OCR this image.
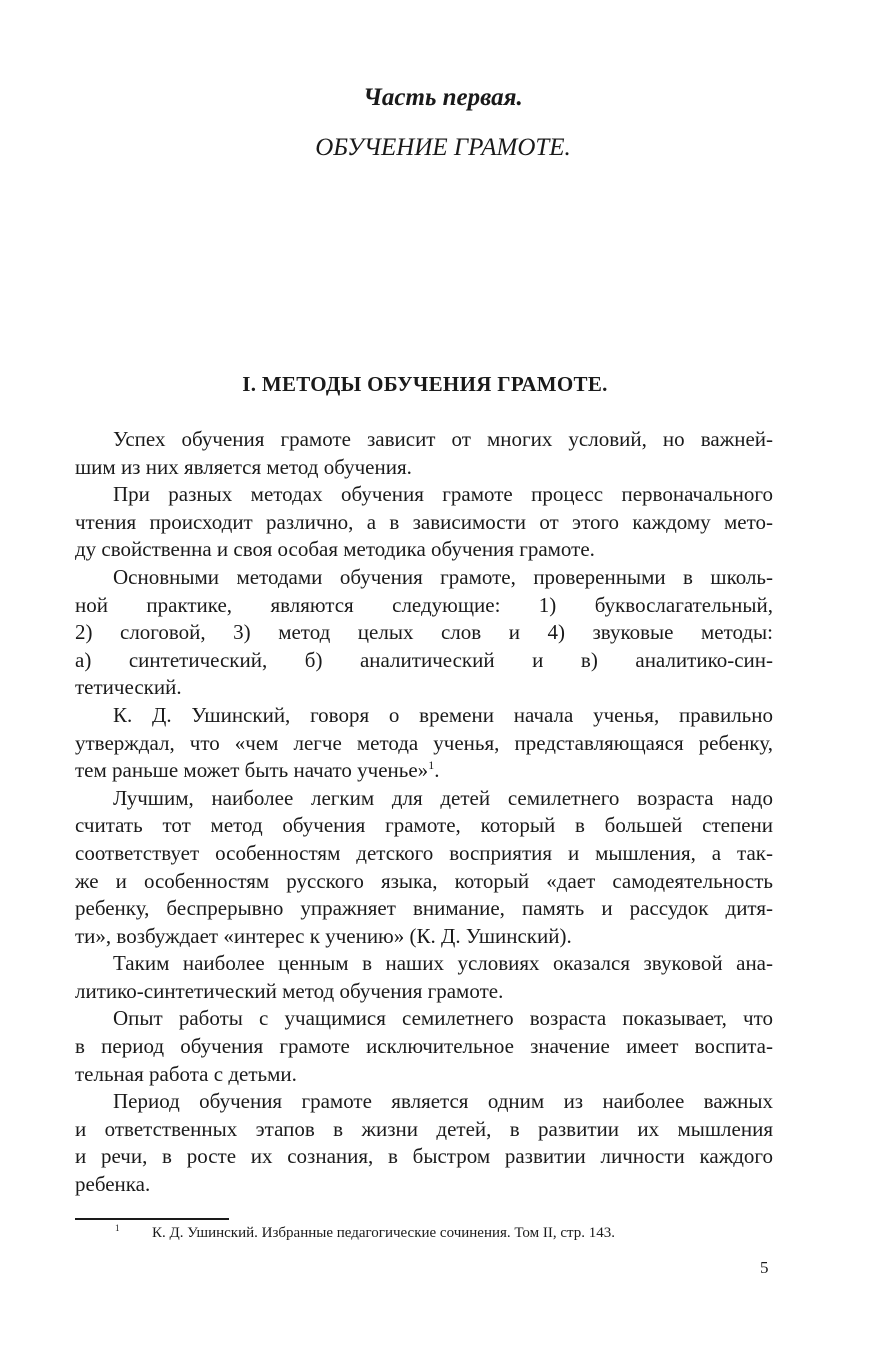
Часть первая.
ОБУЧЕНИЕ ГРАМОТЕ.
I. МЕТОДЫ ОБУЧЕНИЯ ГРАМОТЕ.
Успех обучения грамоте зависит от многих условий, но важней-
шим из них является метод обучения.
При разных методах обучения грамоте процесс первоначального
чтения происходит различно, а в зависимости от этого каждому мето-
ду свойственна и своя особая методика обучения грамоте.
Основными методами обучения грамоте, проверенными в школь-
ной практике, являются следующие: 1) буквослагательный,
2) слоговой, 3) метод целых слов и 4) звуковые методы:
а) синтетический, б) аналитический и в) аналитико-син-
тетический.
К. Д. Ушинский, говоря о времени начала ученья, правильно
утверждал, что «чем легче метода ученья, представляющаяся ребенку,
тем раньше может быть начато ученье»$^1$.
Лучшим, наиболее легким для детей семилетнего возраста надо
считать тот метод обучения грамоте, который в большей степени
соответствует особенностям детского восприятия и мышления, а так-
же и особенностям русского языка, который «дает самодеятельность
ребенку, беспрерывно упражняет внимание, память и рассудок дитя-
ти», возбуждает «интерес к учению» (К. Д. Ушинский).
Таким наиболее ценным в наших условиях оказался звуковой ана-
литико-синтетический метод обучения грамоте.
Опыт работы с учащимися семилетнего возраста показывает, что
в период обучения грамоте исключительное значение имеет воспита-
тельная работа с детьми.
Период обучения грамоте является одним из наиболее важных
и ответственных этапов в жизни детей, в развитии их мышления
и речи, в росте их сознания, в быстром развитии личности каждого
ребенка.
1 К. Д. Ушинский. Избранные педагогические сочинения. Том II, стр. 143.
5
